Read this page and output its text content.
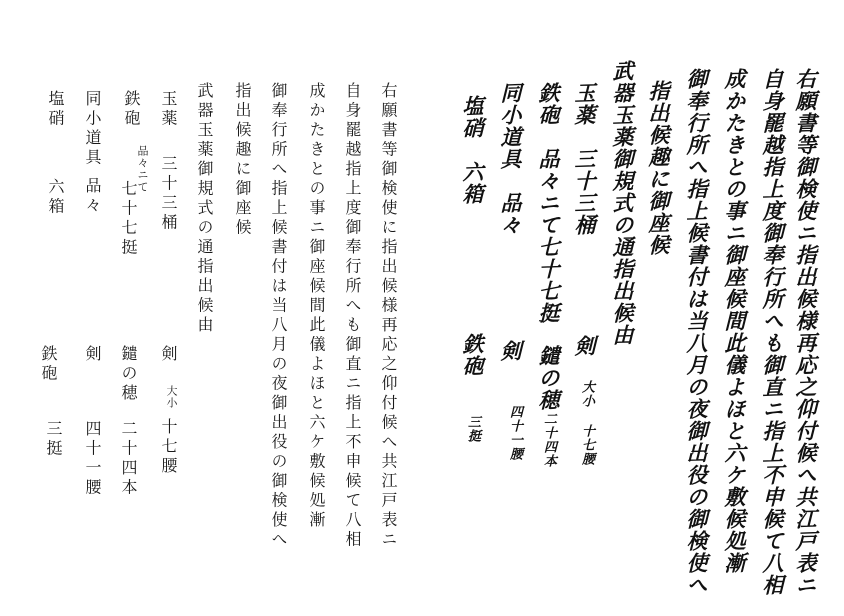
右願書等御検使ニ指出候様再応之仰付候へ共江戸表ニ
自身罷越指上度御奉行所へも御直ニ指上不申候て八相
成かたきとの事ニ御座候間此儀よほと六ケ敷候処漸
御奉行所へ指上候書付は当八月の夜御出役の御検使へ
指出候趣に御座候
武器玉薬御規式の通指出候由
玉薬　三十三桶
鉄砲　品々ニて七十七挺
同小道具　品々
塩硝　六箱
剣
大小 十七腰
鑓の穂
二十四本
剣
四十一腰
鉄砲
三挺
右願書等御検使に指出候様再応之仰付候へ共江戸表ニ
自身罷越指上度御奉行所へも御直ニ指上不申候て八相
成かたきとの事ニ御座候間此儀よほと六ケ敷候処漸
御奉行所へ指上候書付は当八月の夜御出役の御検使へ
指出候趣に御座候
武器玉薬御規式の通指出候由
玉薬
三十三桶
鉄砲
品々ニて
七十七挺
同小道具
品々
塩硝
六箱
剣
大小
十七腰
鑓の穂
二十四本
剣
四十一腰
鉄砲
三挺
